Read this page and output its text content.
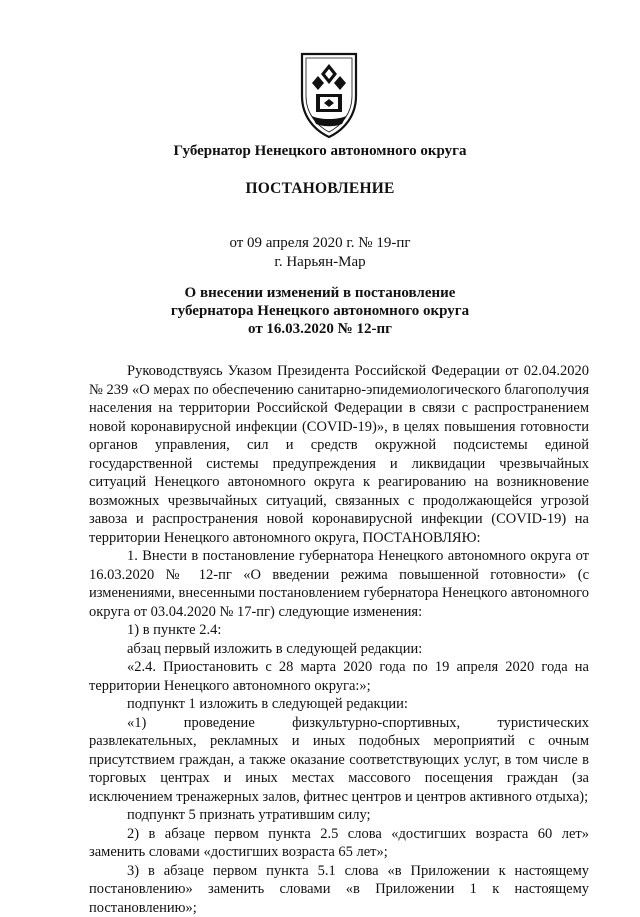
Губернатор Ненецкого автономного округа
ПОСТАНОВЛЕНИЕ
от 09 апреля 2020 г. № 19-пг
г. Нарьян-Мар
О внесении изменений в постановление
губернатора Ненецкого автономного округа
от 16.03.2020 № 12-пг

Руководствуясь Указом Президента Российской Федерации от 02.04.2020 № 239 «О мерах по обеспечению санитарно-эпидемиологического благополучия населения на территории Российской Федерации в связи с распространением новой коронавирусной инфекции (COVID-19)», в целях повышения готовности органов управления, сил и средств окружной подсистемы единой государственной системы предупреждения и ликвидации чрезвычайных ситуаций Ненецкого автономного округа к реагированию на возникновение возможных чрезвычайных ситуаций, связанных с продолжающейся угрозой завоза и распространения новой коронавирусной инфекции (COVID-19) на территории Ненецкого автономного округа, ПОСТАНОВЛЯЮ:

1. Внести в постановление губернатора Ненецкого автономного округа от 16.03.2020 № 12-пг «О введении режима повышенной готовности» (с изменениями, внесенными постановлением губернатора Ненецкого автономного округа от 03.04.2020 № 17-пг) следующие изменения:

1) в пункте 2.4:

абзац первый изложить в следующей редакции:

«2.4. Приостановить с 28 марта 2020 года по 19 апреля 2020 года на территории Ненецкого автономного округа:»;

подпункт 1 изложить в следующей редакции:

«1) проведение физкультурно-спортивных, туристических развлекательных, рекламных и иных подобных мероприятий с очным присутствием граждан, а также оказание соответствующих услуг, в том числе в торговых центрах и иных местах массового посещения граждан (за исключением тренажерных залов, фитнес центров и центров активного отдыха);

подпункт 5 признать утратившим силу;

2) в абзаце первом пункта 2.5 слова «достигших возраста 60 лет» заменить словами «достигших возраста 65 лет»;

3) в абзаце первом пункта 5.1 слова «в Приложении к настоящему постановлению» заменить словами «в Приложении 1 к настоящему постановлению»;
